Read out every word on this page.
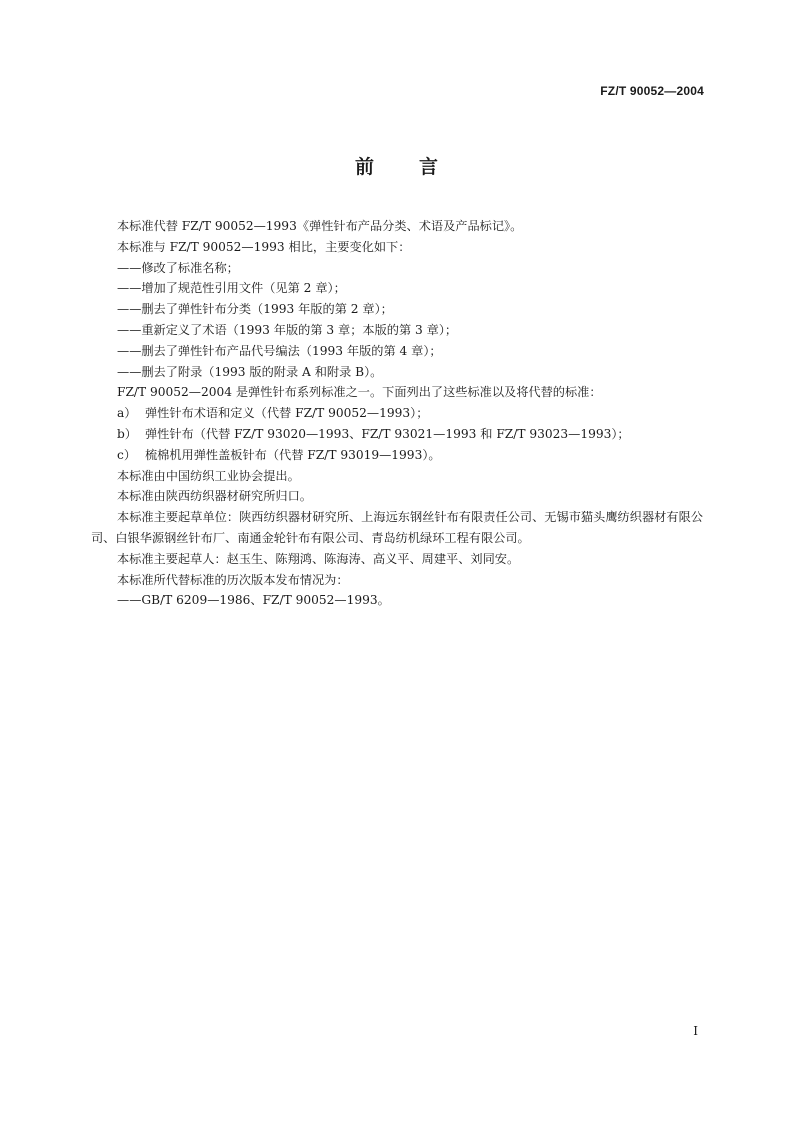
FZ/T 90052—2004
前 言
本标准代替 FZ/T 90052—1993《弹性针布产品分类、术语及产品标记》。
本标准与 FZ/T 90052—1993 相比，主要变化如下：
——修改了标准名称；
——增加了规范性引用文件（见第 2 章）；
——删去了弹性针布分类（1993 年版的第 2 章）；
——重新定义了术语（1993 年版的第 3 章；本版的第 3 章）；
——删去了弹性针布产品代号编法（1993 年版的第 4 章）；
——删去了附录（1993 版的附录 A 和附录 B）。
FZ/T 90052—2004 是弹性针布系列标准之一。下面列出了这些标准以及将代替的标准：
a） 弹性针布术语和定义（代替 FZ/T 90052—1993）；
b） 弹性针布（代替 FZ/T 93020—1993、FZ/T 93021—1993 和 FZ/T 93023—1993）；
c） 梳棉机用弹性盖板针布（代替 FZ/T 93019—1993）。
本标准由中国纺织工业协会提出。
本标准由陕西纺织器材研究所归口。
本标准主要起草单位：陕西纺织器材研究所、上海远东钢丝针布有限责任公司、无锡市猫头鹰纺织器材有限公司、白银华源钢丝针布厂、南通金轮针布有限公司、青岛纺机绿环工程有限公司。
本标准主要起草人：赵玉生、陈翔鸿、陈海涛、高义平、周建平、刘同安。
本标准所代替标准的历次版本发布情况为：
——GB/T 6209—1986、FZ/T 90052—1993。
I
